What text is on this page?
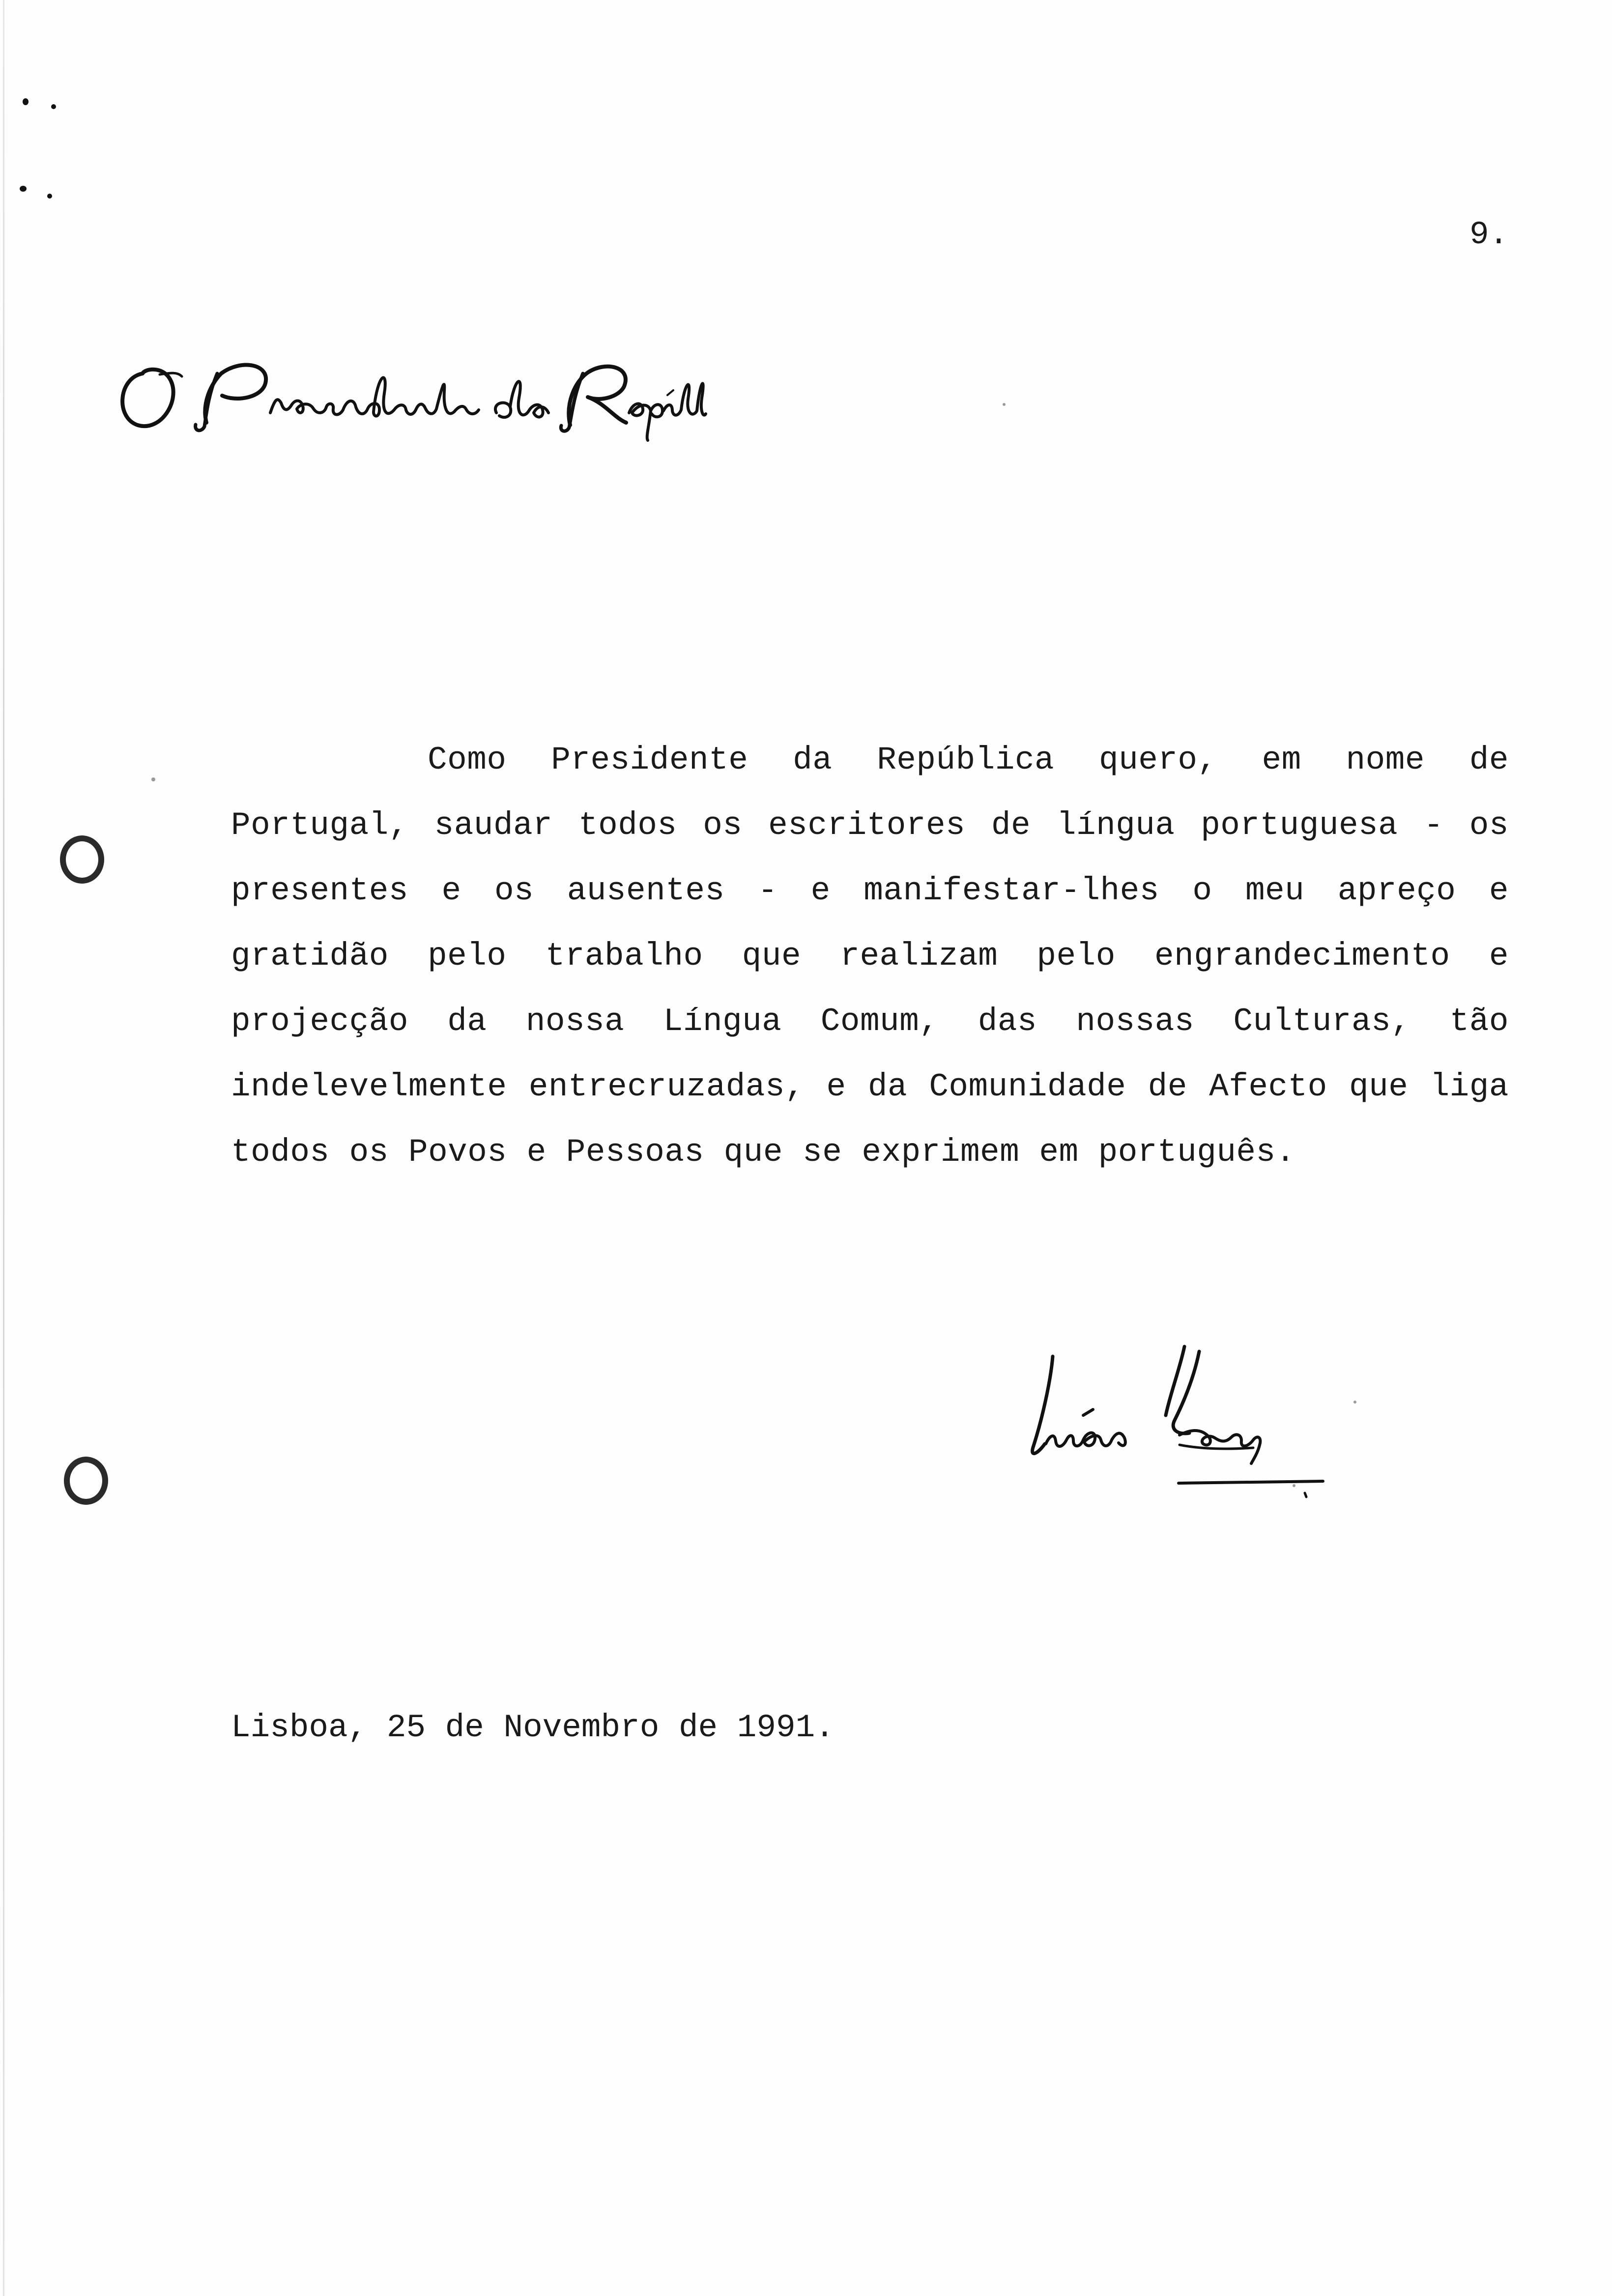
9.

Como Presidente da República quero, em nome de Portugal, saudar todos os escritores de língua portuguesa - os presentes e os ausentes - e manifestar-lhes o meu apreço e gratidão pelo trabalho que realizam pelo engrandecimento e projecção da nossa Língua Comum, das nossas Culturas, tão indelevelmente entrecruzadas, e da Comunidade de Afecto que liga todos os Povos e Pessoas que se exprimem em português.

Lisboa, 25 de Novembro de 1991.
